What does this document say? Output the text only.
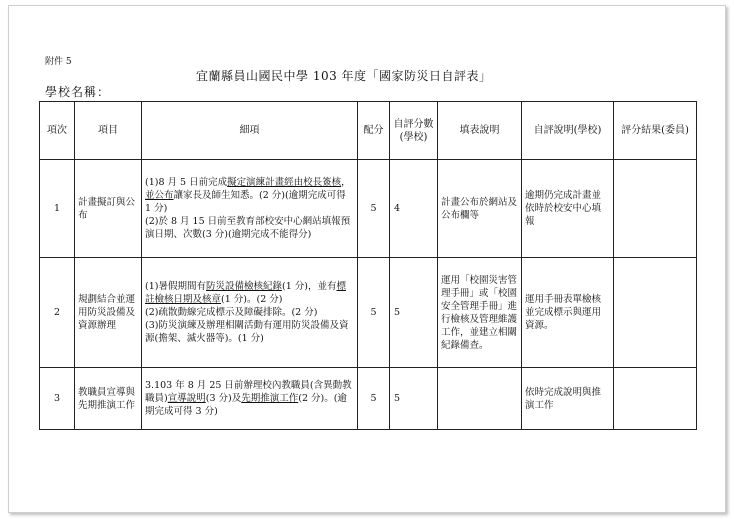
附件 5
宜蘭縣員山國民中學 103 年度「國家防災日自評表」
學校名稱：
項次	項目	細項	配分	自評分數(學校)	填表說明	自評說明(學校)	評分結果(委員)
1	計畫擬訂與公布	(1)8 月 5 日前完成擬定演練計畫經由校長簽核，並公布讓家長及師生知悉。(2 分)(逾期完成可得 1 分)
(2)於 8 月 15 日前至教育部校安中心網站填報預演日期、次數(3 分)(逾期完成不能得分)	5	4	計畫公布於網站及公布欄等	逾期仍完成計畫並依時於校安中心填報	
2	規劃結合並運用防災設備及資源辦理	(1)暑假期間有防災設備檢核紀錄(1 分)，並有標註檢核日期及核章(1 分)。(2 分)
(2)疏散動線完成標示及障礙排除。(2 分)
(3)防災演練及辦理相關活動有運用防災設備及資源(擔架、滅火器等)。(1 分)	5	5	運用「校園災害管理手冊」或「校園安全管理手冊」進行檢核及管理維護工作，並建立相關紀錄備查。	運用手冊表單檢核並完成標示與運用資源。	
3	教職員宣導與先期推演工作	3.103 年 8 月 25 日前辦理校內教職員(含異動教職員)宣導說明(3 分)及先期推演工作(2 分)。(逾期完成可得 3 分)	5	5		依時完成說明與推演工作	
